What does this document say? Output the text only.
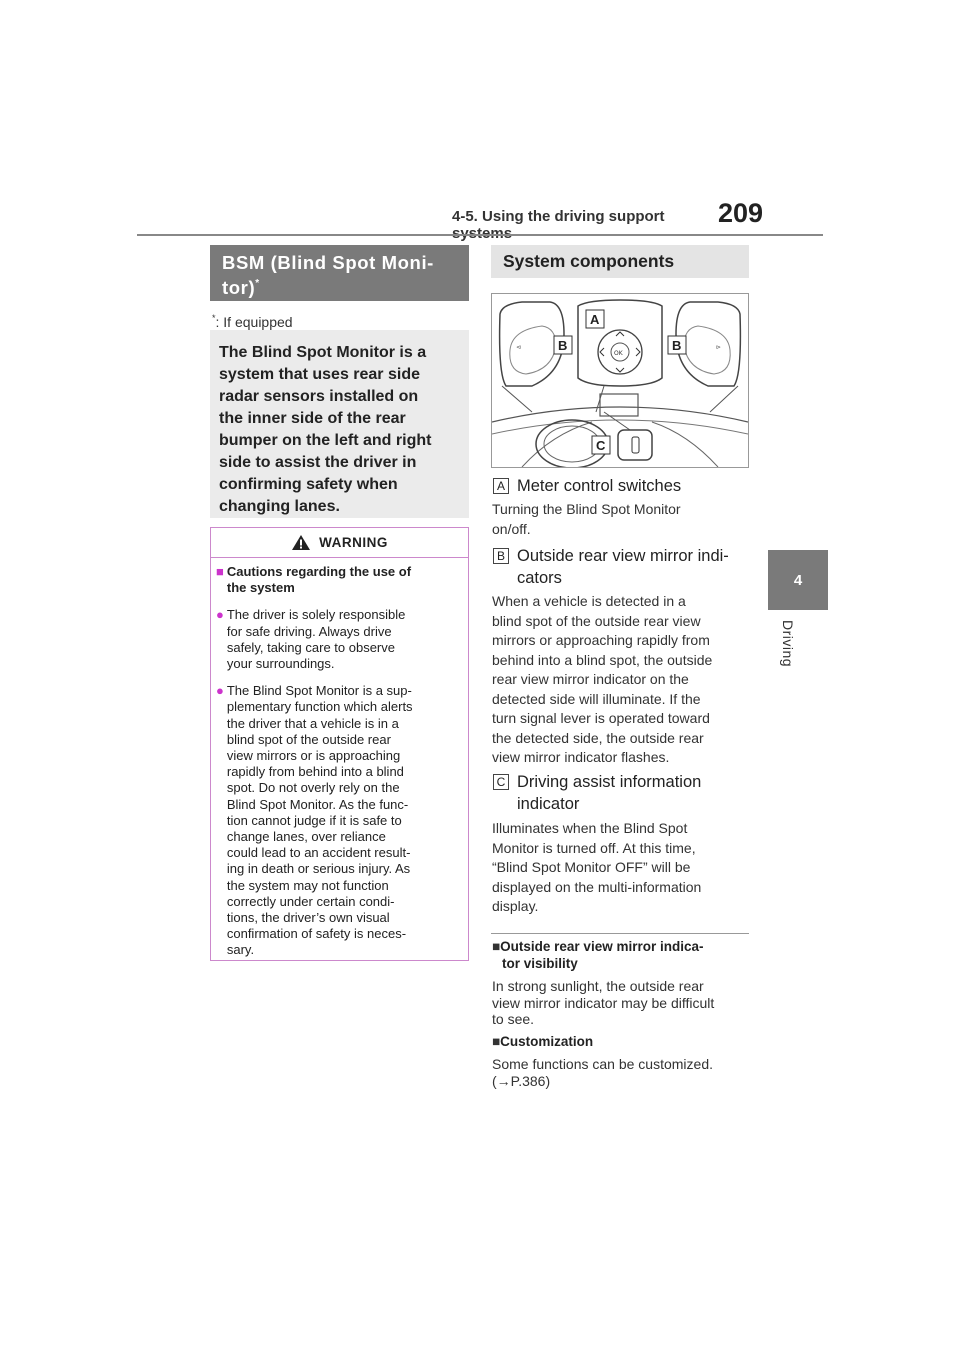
4-5. Using the driving support	209
4
Driving
BSM (Blind Spot Moni-
tor)*
*: If equipped
The Blind Spot Monitor is a
system that uses rear side
radar sensors installed on
the inner side of the rear
bumper on the left and right
side to assist the driver in
confirming safety when
changing lanes.
WARNING
■ Cautions regarding the use of
the system
● The driver is solely responsible
for safe driving. Always drive
safely, taking care to observe
your surroundings.
● The Blind Spot Monitor is a sup-
plementary function which alerts
the driver that a vehicle is in a
blind spot of the outside rear
view mirrors or is approaching
rapidly from behind into a blind
spot. Do not overly rely on the
Blind Spot Monitor. As the func-
tion cannot judge if it is safe to
change lanes, over reliance
could lead to an accident result-
ing in death or serious injury. As
the system may not function
correctly under certain condi-
tions, the driver’s own visual
confirmation of safety is neces-
sary.
System components
⊲	⊳
OK
A
B	B
C
A Meter control switches
Turning the Blind Spot Monitor
on/off.
B Outside rear view mirror indi-
cators
When a vehicle is detected in a
blind spot of the outside rear view
mirrors or approaching rapidly from
behind into a blind spot, the outside
rear view mirror indicator on the
detected side will illuminate. If the
turn signal lever is operated toward
the detected side, the outside rear
view mirror indicator flashes.
C Driving assist information
indicator
Illuminates when the Blind Spot
Monitor is turned off. At this time,
“Blind Spot Monitor OFF” will be
displayed on the multi-information
display.
■Outside rear view mirror indica-
tor visibility
In strong sunlight, the outside rear
view mirror indicator may be difficult
to see.
■Customization
Some functions can be customized.
(→P.386)
